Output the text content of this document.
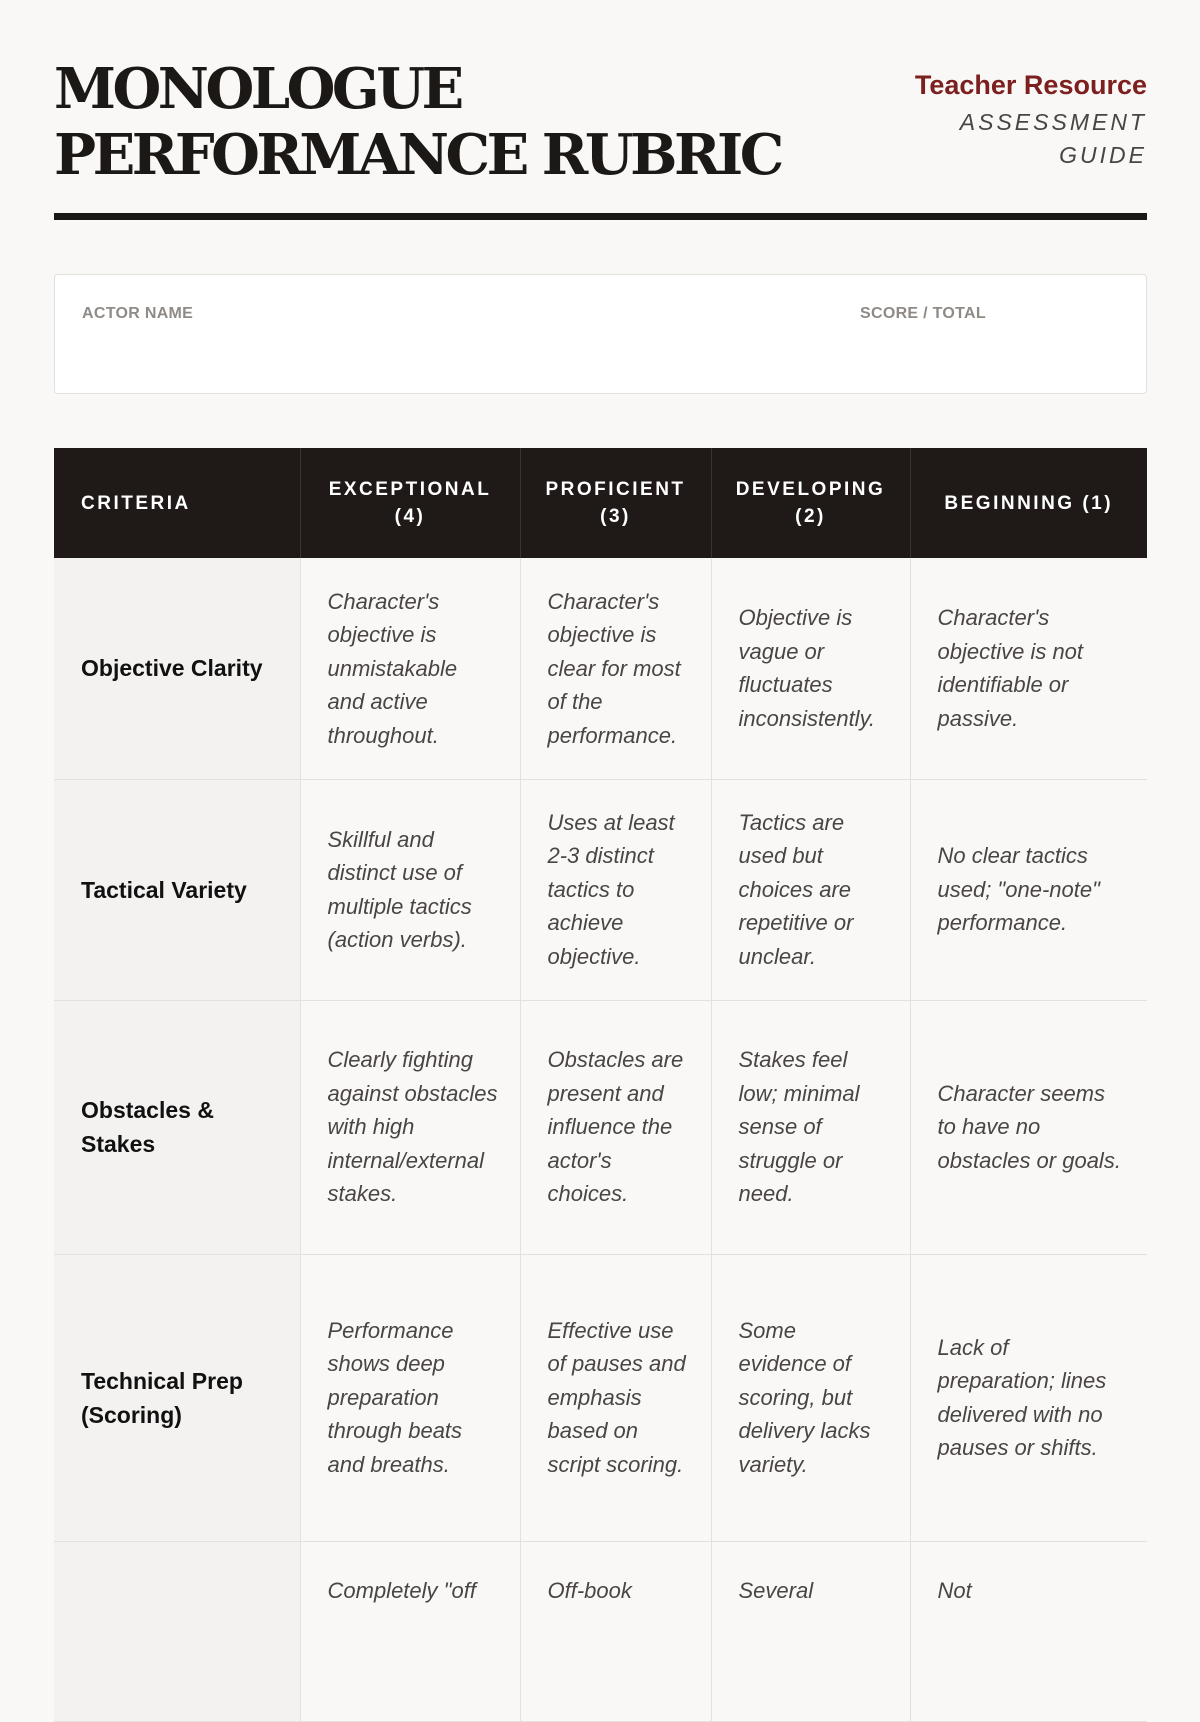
MONOLOGUE PERFORMANCE RUBRIC
Teacher Resource
ASSESSMENT GUIDE
ACTOR NAME	SCORE / TOTAL
CRITERIA	EXCEPTIONAL (4)	PROFICIENT (3)	DEVELOPING (2)	BEGINNING (1)
Objective Clarity	Character's objective is unmistakable and active throughout.	Character's objective is clear for most of the performance.	Objective is vague or fluctuates inconsistently.	Character's objective is not identifiable or passive.
Tactical Variety	Skillful and distinct use of multiple tactics (action verbs).	Uses at least 2-3 distinct tactics to achieve objective.	Tactics are used but choices are repetitive or unclear.	No clear tactics used; "one-note" performance.
Obstacles & Stakes	Clearly fighting against obstacles with high internal/external stakes.	Obstacles are present and influence the actor's choices.	Stakes feel low; minimal sense of struggle or need.	Character seems to have no obstacles or goals.
Technical Prep (Scoring)	Performance shows deep preparation through beats and breaths.	Effective use of pauses and emphasis based on script scoring.	Some evidence of scoring, but delivery lacks variety.	Lack of preparation; lines delivered with no pauses or shifts.
	Completely "off	Off-book	Several	Not
